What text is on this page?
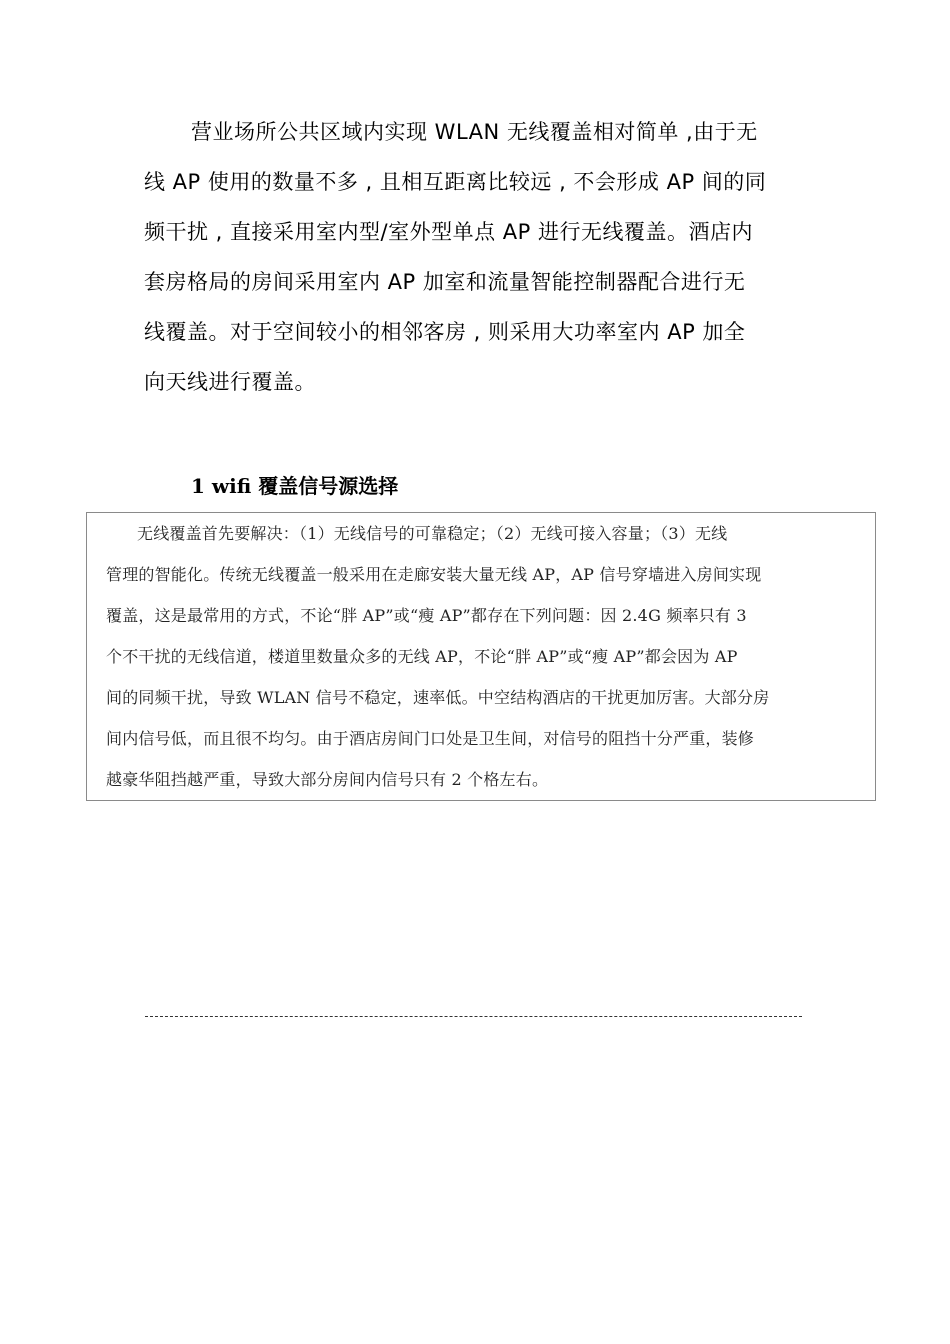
营业场所公共区域内实现 WLAN 无线覆盖相对简单 ,由于无
线 AP 使用的数量不多 , 且相互距离比较远 , 不会形成 AP 间的同
频干扰 , 直接采用室内型/室外型单点 AP 进行无线覆盖。酒店内
套房格局的房间采用室内 AP 加室和流量智能控制器配合进行无
线覆盖。对于空间较小的相邻客房 , 则采用大功率室内 AP 加全
向天线进行覆盖。
1 wifi 覆盖信号源选择
无线覆盖首先要解决：（1）无线信号的可靠稳定；（2）无线可接入容量；（3）无线
管理的智能化。传统无线覆盖一般采用在走廊安装大量无线 AP，AP 信号穿墙进入房间实现
覆盖，这是最常用的方式，不论“胖 AP”或“瘦 AP”都存在下列问题：因 2.4G 频率只有 3
个不干扰的无线信道，楼道里数量众多的无线 AP，不论“胖 AP”或“瘦 AP”都会因为 AP
间的同频干扰，导致 WLAN 信号不稳定，速率低。中空结构酒店的干扰更加厉害。大部分房
间内信号低，而且很不均匀。由于酒店房间门口处是卫生间，对信号的阻挡十分严重，装修
越豪华阻挡越严重，导致大部分房间内信号只有 2 个格左右。
